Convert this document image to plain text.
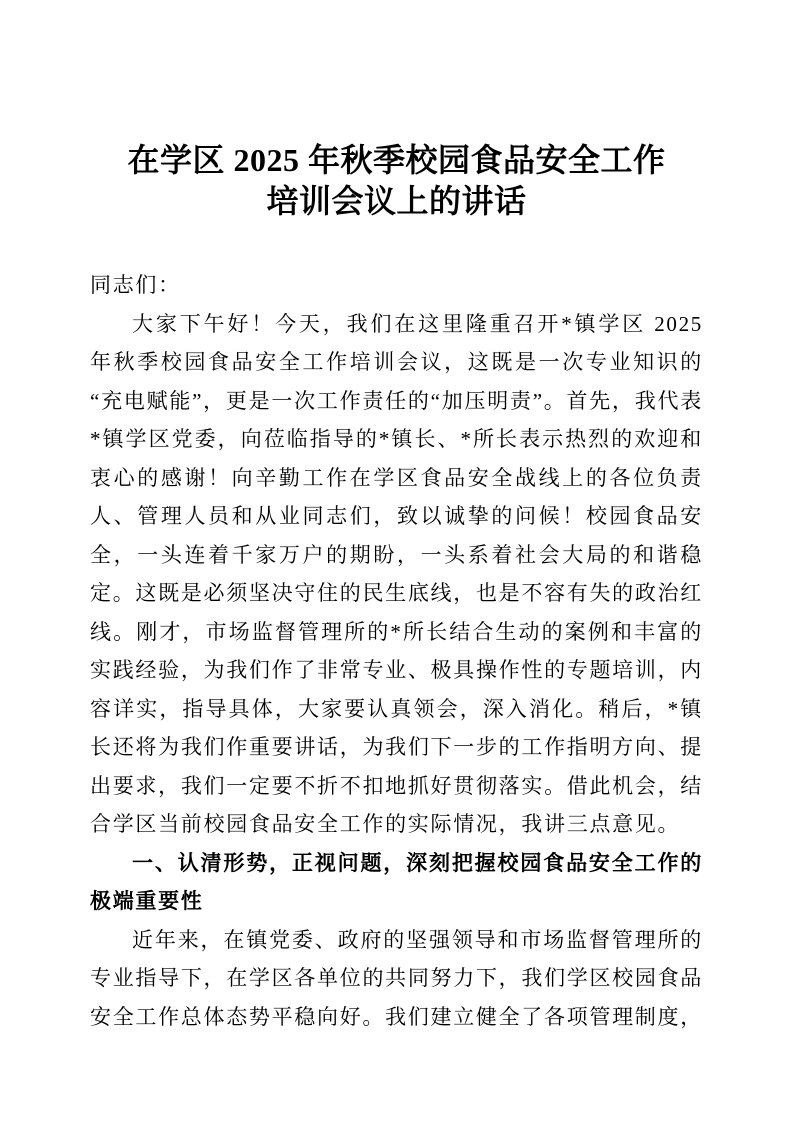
在学区 2025 年秋季校园食品安全工作
培训会议上的讲话

同志们：

大家下午好！今天，我们在这里隆重召开*镇学区 2025 年秋季校园食品安全工作培训会议，这既是一次专业知识的“充电赋能”，更是一次工作责任的“加压明责”。首先，我代表*镇学区党委，向莅临指导的*镇长、*所长表示热烈的欢迎和衷心的感谢！向辛勤工作在学区食品安全战线上的各位负责人、管理人员和从业同志们，致以诚挚的问候！校园食品安全，一头连着千家万户的期盼，一头系着社会大局的和谐稳定。这既是必须坚决守住的民生底线，也是不容有失的政治红线。刚才，市场监督管理所的*所长结合生动的案例和丰富的实践经验，为我们作了非常专业、极具操作性的专题培训，内容详实，指导具体，大家要认真领会，深入消化。稍后，*镇长还将为我们作重要讲话，为我们下一步的工作指明方向、提出要求，我们一定要不折不扣地抓好贯彻落实。借此机会，结合学区当前校园食品安全工作的实际情况，我讲三点意见。

一、认清形势，正视问题，深刻把握校园食品安全工作的极端重要性

近年来，在镇党委、政府的坚强领导和市场监督管理所的专业指导下，在学区各单位的共同努力下，我们学区校园食品安全工作总体态势平稳向好。我们建立健全了各项管理制度，
